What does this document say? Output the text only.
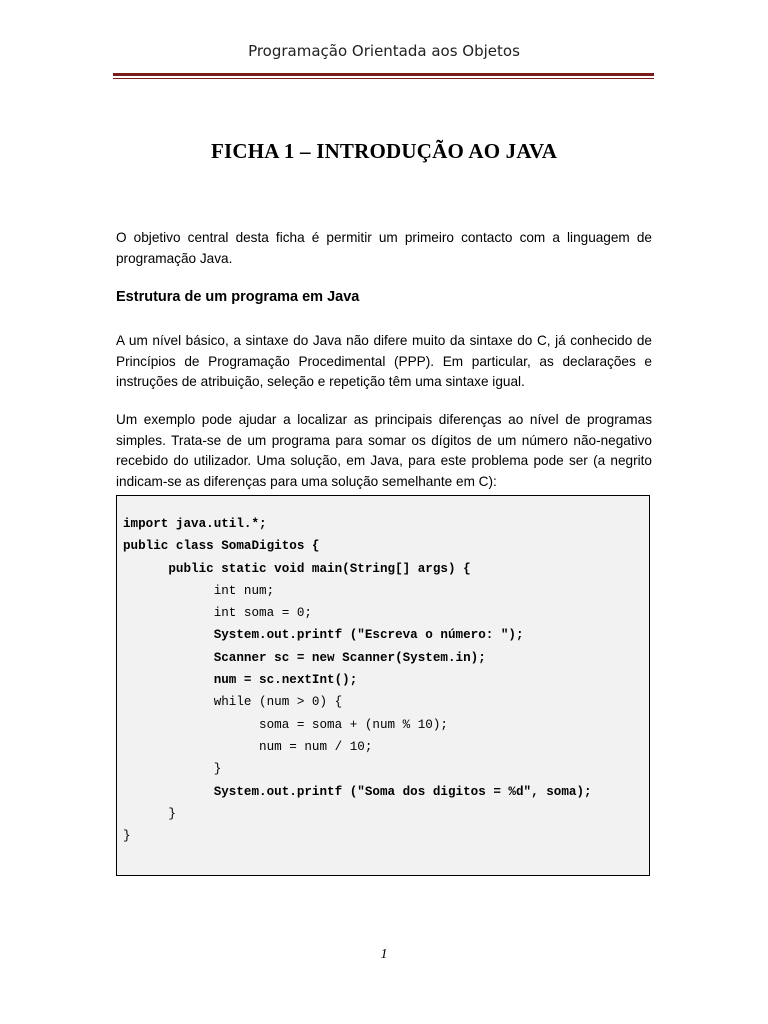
Programação Orientada aos Objetos
FICHA 1 – INTRODUÇÃO AO JAVA

O objetivo central desta ficha é permitir um primeiro contacto com a linguagem de programação Java.

Estrutura de um programa em Java

A um nível básico, a sintaxe do Java não difere muito da sintaxe do C, já conhecido de Princípios de Programação Procedimental (PPP). Em particular, as declarações e instruções de atribuição, seleção e repetição têm uma sintaxe igual.

Um exemplo pode ajudar a localizar as principais diferenças ao nível de programas simples. Trata-se de um programa para somar os dígitos de um número não-negativo recebido do utilizador. Uma solução, em Java, para este problema pode ser (a negrito indicam-se as diferenças para uma solução semelhante em C):

import java.util.*;
public class SomaDigitos {
public static void main(String[] args) {
int num;
int soma = 0;
System.out.printf ("Escreva o número: ");
Scanner sc = new Scanner(System.in);
num = sc.nextInt();
while (num > 0) {
soma = soma + (num % 10);
num = num / 10;
}
System.out.printf ("Soma dos digitos = %d", soma);
}
}
1
